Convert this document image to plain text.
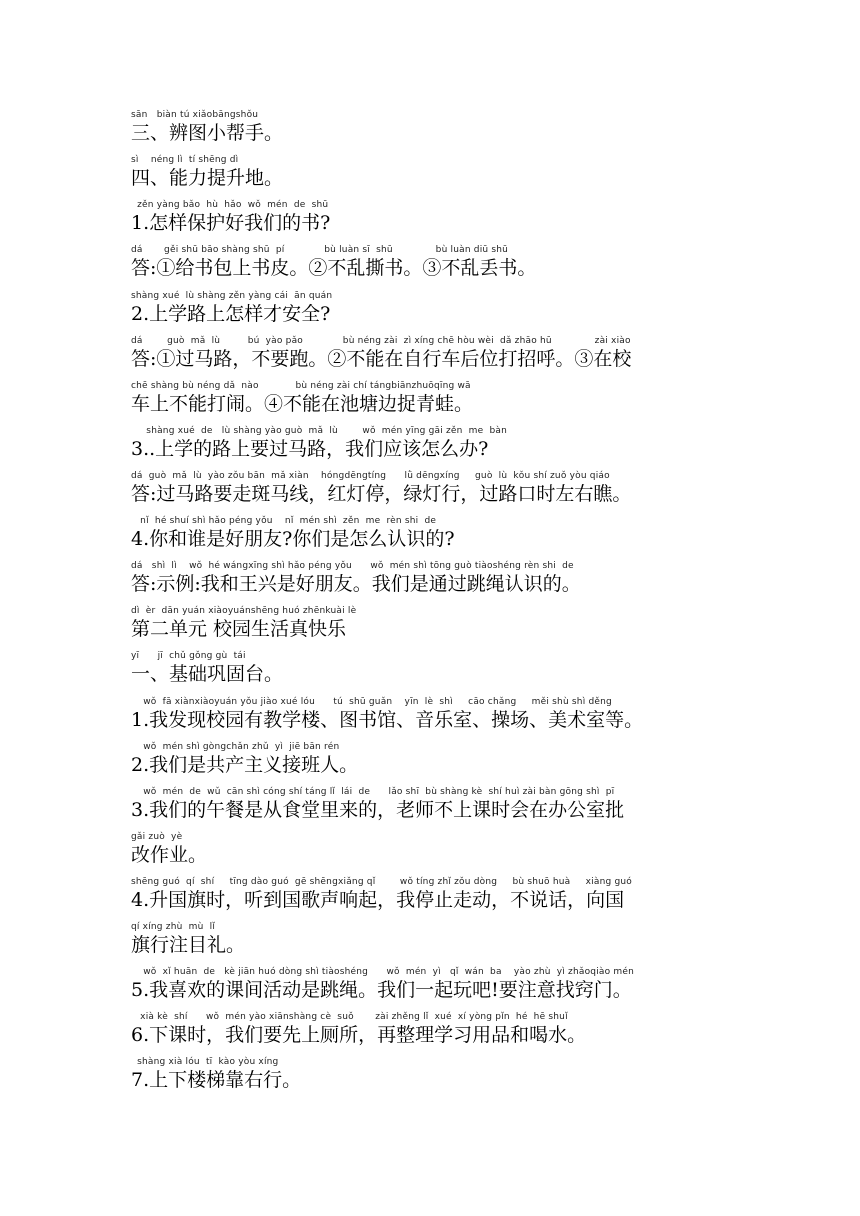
sān   biàn tú xiǎobāngshǒu
三、辨图小帮手。
sì    néng lì  tí shēng dì
四、能力提升地。
zěn yàng bǎo  hù  hǎo  wǒ  mén  de  shū
1.怎样保护好我们的书?
dá       gěi shū bāo shàng shū  pí             bù luàn sī  shū              bù luàn diū shū
答:①给书包上书皮。②不乱撕书。③不乱丢书。
shàng xué  lù shàng zěn yàng cái  ān quán
2.上学路上怎样才安全?
dá        guò  mǎ  lù         bú  yào pǎo             bù néng zài  zì xíng chē hòu wèi  dǎ zhāo hū              zài xiào
答:①过马路，不要跑。②不能在自行车后位打招呼。③在校
chē shàng bù néng dǎ  nào            bù néng zài chí tángbiānzhuōqīng wā
车上不能打闹。④不能在池塘边捉青蛙。
shàng xué  de   lù shàng yào guò  mǎ  lù        wǒ  mén yīng gāi zěn  me  bàn
3..上学的路上要过马路，我们应该怎么办?
dá  guò  mǎ  lù  yào zǒu bān  mǎ xiàn    hóngdēngtíng      lǜ dēngxíng     guò  lù  kǒu shí zuǒ yòu qiáo
答:过马路要走斑马线，红灯停，绿灯行，过路口时左右瞧。
nǐ  hé shuí shì hǎo péng yǒu    nǐ  mén shì  zěn  me  rèn shi  de
4.你和谁是好朋友?你们是怎么认识的?
dá   shì  lì    wǒ  hé wángxīng shì hǎo péng yǒu      wǒ  mén shì tōng guò tiàoshéng rèn shi  de
答:示例:我和王兴是好朋友。我们是通过跳绳认识的。
dì  èr  dān yuán xiàoyuánshēng huó zhēnkuài lè
第二单元 校园生活真快乐
yī      jī  chǔ gǒng gù  tái
一、基础巩固台。
wǒ  fā xiànxiàoyuán yǒu jiào xué lóu      tú  shū guǎn    yīn  lè  shì     cāo chǎng     měi shù shì děng
1.我发现校园有教学楼、图书馆、音乐室、操场、美术室等。
wǒ  mén shì gòngchǎn zhǔ  yì  jiē bān rén
2.我们是共产主义接班人。
wǒ  mén  de  wǔ  cān shì cóng shí táng lǐ  lái  de      lǎo shī  bù shàng kè  shí huì zài bàn gōng shì  pī
3.我们的午餐是从食堂里来的，老师不上课时会在办公室批
gǎi zuò  yè
改作业。
shēng guó  qí  shí     tīng dào guó  gē shēngxiǎng qǐ        wǒ tíng zhǐ zǒu dòng     bù shuō huà     xiàng guó
4.升国旗时，听到国歌声响起，我停止走动，不说话，向国
qí xíng zhù  mù  lǐ
旗行注目礼。
wǒ  xǐ huān  de   kè jiān huó dòng shì tiàoshéng      wǒ  mén  yì   qǐ  wán  ba    yào zhù  yì zhǎoqiào mén
5.我喜欢的课间活动是跳绳。我们一起玩吧!要注意找窍门。
xià kè  shí      wǒ  mén yào xiānshàng cè  suǒ       zài zhěng lǐ  xué  xí yòng pǐn  hé  hē shuǐ
6.下课时，我们要先上厕所，再整理学习用品和喝水。
shàng xià lóu  tī  kào yòu xíng
7.上下楼梯靠右行。
